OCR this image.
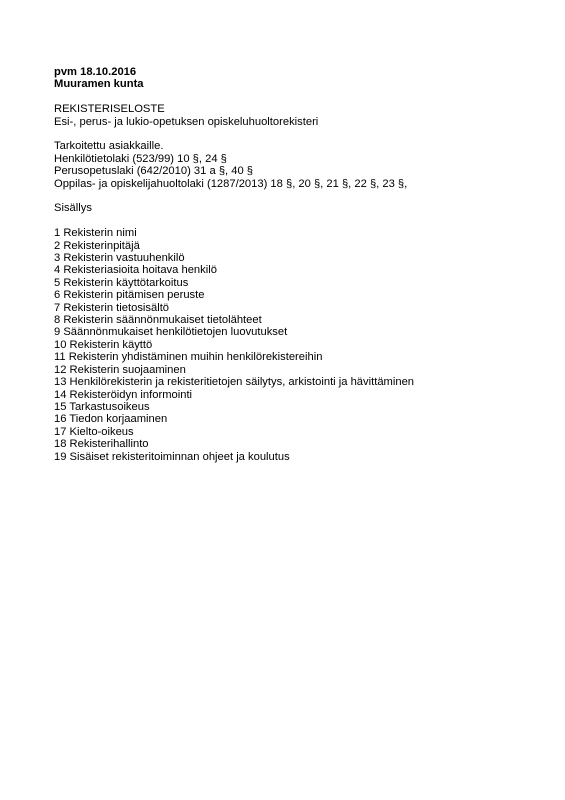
pvm 18.10.2016
Muuramen kunta
REKISTERISELOSTE
Esi-, perus- ja lukio-opetuksen opiskeluhuoltorekisteri
Tarkoitettu asiakkaille.
Henkilötietolaki (523/99) 10 §, 24 §
Perusopetuslaki (642/2010) 31 a §, 40 §
Oppilas- ja opiskelijahuoltolaki (1287/2013) 18 §, 20 §, 21 §, 22 §, 23 §,
Sisällys
1 Rekisterin nimi
2 Rekisterinpitäjä
3 Rekisterin vastuuhenkilö
4 Rekisteriasioita hoitava henkilö
5 Rekisterin käyttötarkoitus
6 Rekisterin pitämisen peruste
7 Rekisterin tietosisältö
8 Rekisterin säännönmukaiset tietolähteet
9 Säännönmukaiset henkilötietojen luovutukset
10 Rekisterin käyttö
11 Rekisterin yhdistäminen muihin henkilörekistereihin
12 Rekisterin suojaaminen
13 Henkilörekisterin ja rekisteritietojen säilytys, arkistointi ja hävittäminen
14 Rekisteröidyn informointi
15 Tarkastusoikeus
16 Tiedon korjaaminen
17 Kielto-oikeus
18 Rekisterihallinto
19 Sisäiset rekisteritoiminnan ohjeet ja koulutus
